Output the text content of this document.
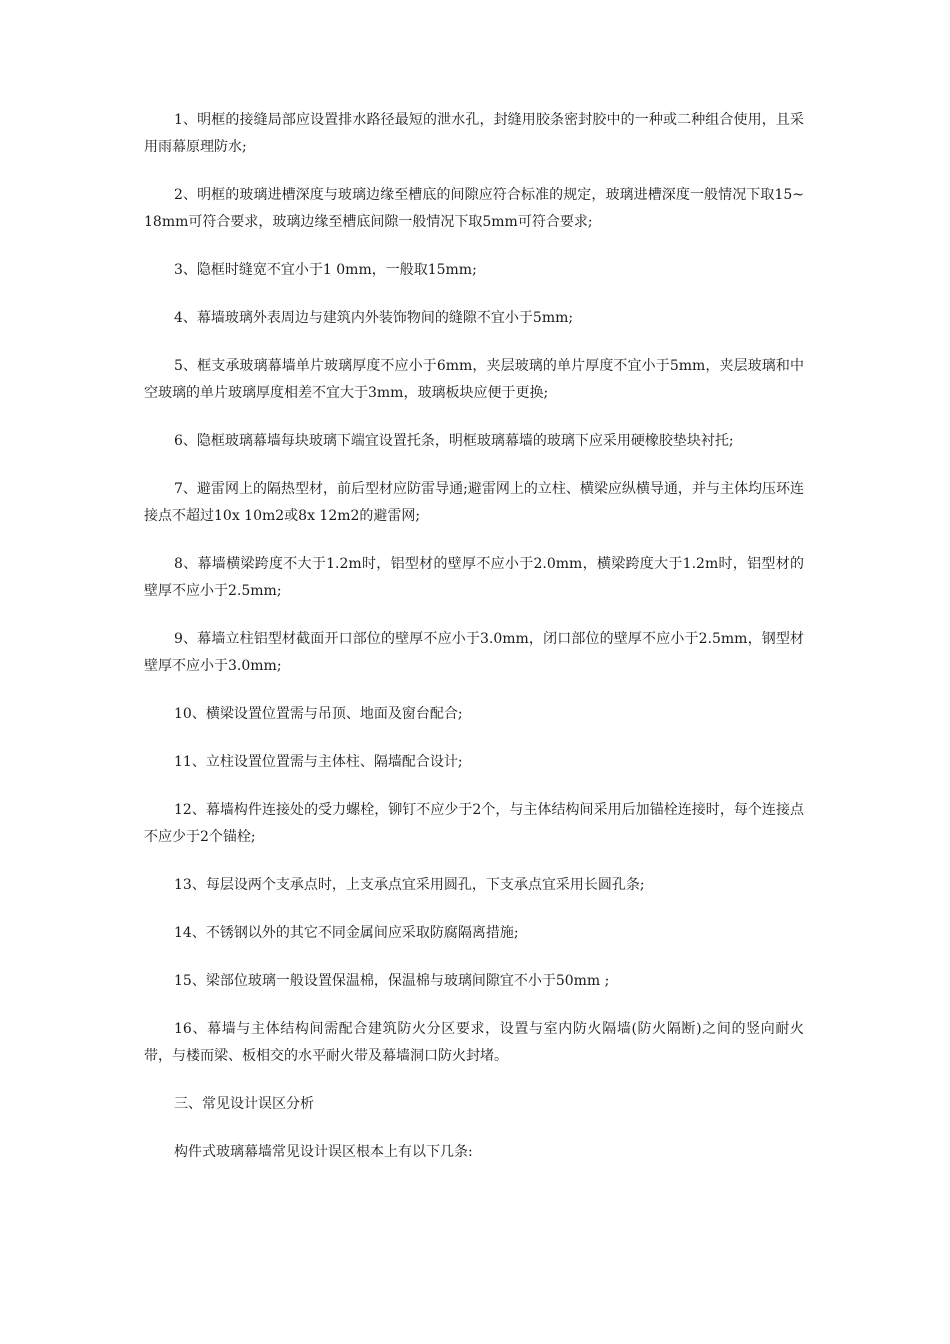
1、明框的接缝局部应设置排水路径最短的泄水孔，封缝用胶条密封胶中的一种或二种组合使用，且采用雨幕原理防水;

2、明框的玻璃进槽深度与玻璃边缘至槽底的间隙应符合标准的规定，玻璃进槽深度一般情况下取15~18mm可符合要求，玻璃边缘至槽底间隙一般情况下取5mm可符合要求;

3、隐框时缝宽不宜小于1 0mm，一般取15mm;

4、幕墙玻璃外表周边与建筑内外装饰物间的缝隙不宜小于5mm;

5、框支承玻璃幕墙单片玻璃厚度不应小于6mm，夹层玻璃的单片厚度不宜小于5mm，夹层玻璃和中空玻璃的单片玻璃厚度相差不宜大于3mm，玻璃板块应便于更换;

6、隐框玻璃幕墙每块玻璃下端宜设置托条，明框玻璃幕墙的玻璃下应采用硬橡胶垫块衬托;

7、避雷网上的隔热型材，前后型材应防雷导通;避雷网上的立柱、横梁应纵横导通，并与主体均压环连接点不超过10x 10m2或8x 12m2的避雷网;

8、幕墙横梁跨度不大于1.2m时，铝型材的壁厚不应小于2.0mm，横梁跨度大于1.2m时，铝型材的壁厚不应小于2.5mm;

9、幕墙立柱铝型材截面开口部位的壁厚不应小于3.0mm，闭口部位的壁厚不应小于2.5mm，钢型材壁厚不应小于3.0mm;

10、横梁设置位置需与吊顶、地面及窗台配合;

11、立柱设置位置需与主体柱、隔墙配合设计;

12、幕墙构件连接处的受力螺栓，铆钉不应少于2个，与主体结构间采用后加锚栓连接时，每个连接点不应少于2个锚栓;

13、每层设两个支承点时，上支承点宜采用圆孔，下支承点宜采用长圆孔条;

14、不锈钢以外的其它不同金属间应采取防腐隔离措施;

15、梁部位玻璃一般设置保温棉，保温棉与玻璃间隙宜不小于50mm ;

16、幕墙与主体结构间需配合建筑防火分区要求，设置与室内防火隔墙(防火隔断)之间的竖向耐火带，与楼而梁、板相交的水平耐火带及幕墙洞口防火封堵。

三、常见设计误区分析

构件式玻璃幕墙常见设计误区根本上有以下几条:
